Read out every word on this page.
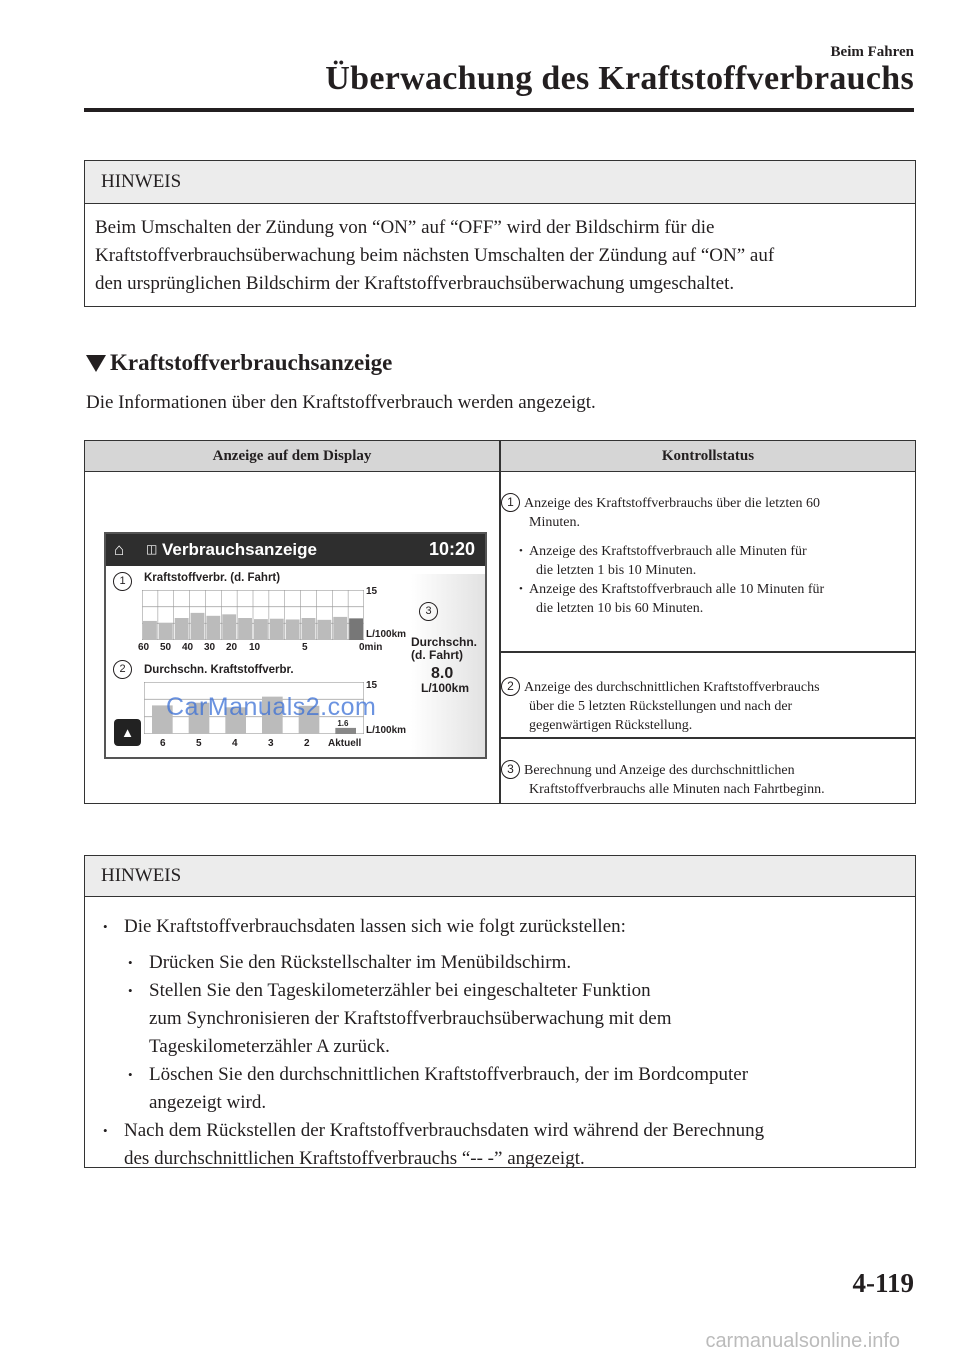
Beim Fahren
Überwachung des Kraftstoffverbrauchs
HINWEIS
Beim Umschalten der Zündung von “ON” auf “OFF” wird der Bildschirm für die
Kraftstoffverbrauchsüberwachung beim nächsten Umschalten der Zündung auf “ON” auf
den ursprünglichen Bildschirm der Kraftstoffverbrauchsüberwachung umgeschaltet.
Kraftstoffverbrauchsanzeige
Die Informationen über den Kraftstoffverbrauch werden angezeigt.
Anzeige auf dem Display	Kontrollstatus
1 Anzeige des Kraftstoffverbrauchs über die letzten 60
Minuten.
• Anzeige des Kraftstoffverbrauch alle Minuten für
die letzten 1 bis 10 Minuten.
• Anzeige des Kraftstoffverbrauch alle 10 Minuten für
die letzten 10 bis 60 Minuten.
2 Anzeige des durchschnittlichen Kraftstoffverbrauchs
über die 5 letzten Rückstellungen und nach der
gegenwärtigen Rückstellung.
3 Berechnung und Anzeige des durchschnittlichen
Kraftstoffverbrauchs alle Minuten nach Fahrtbeginn.
⌂ ◫ Verbrauchsanzeige	10:20
1	Kraftstoffverbr. (d. Fahrt)
15
L/100km
60 50 40 30 20 10	5	0min
2	Durchschn. Kraftstoffverbr.
15
L/100km
1.6
6	5	4	3	2 Aktuell
3
Durchschn.
(d. Fahrt)
8.0
L/100km
▲
CarManuals2.com
HINWEIS
• Die Kraftstoffverbrauchsdaten lassen sich wie folgt zurückstellen:
• Drücken Sie den Rückstellschalter im Menübildschirm.
• Stellen Sie den Tageskilometerzähler bei eingeschalteter Funktion
zum Synchronisieren der Kraftstoffverbrauchsüberwachung mit dem
Tageskilometerzähler A zurück.
• Löschen Sie den durchschnittlichen Kraftstoffverbrauch, der im Bordcomputer
angezeigt wird.
• Nach dem Rückstellen der Kraftstoffverbrauchsdaten wird während der Berechnung
des durchschnittlichen Kraftstoffverbrauchs “-- -” angezeigt.
4-119
carmanualsonline.info
